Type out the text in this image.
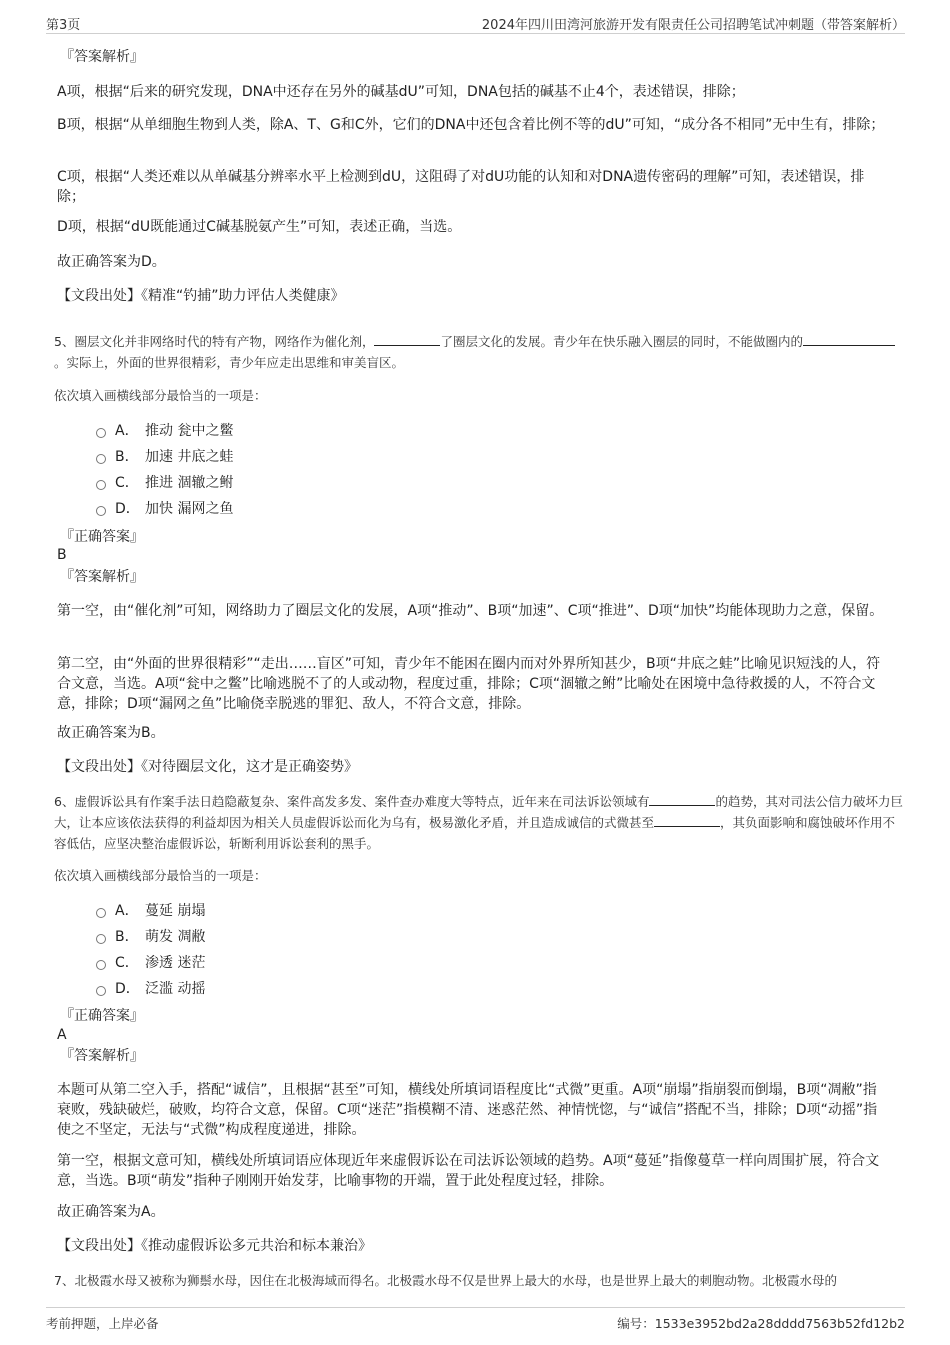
第3页	2024年四川田湾河旅游开发有限责任公司招聘笔试冲刺题（带答案解析）
『答案解析』
A项，根据“后来的研究发现，DNA中还存在另外的碱基dU”可知，DNA包括的碱基不止4个，表述错误，排除；
B项，根据“从单细胞生物到人类，除A、T、G和C外，它们的DNA中还包含着比例不等的dU”可知，“成分各不相同”无中生有，排除；
C项，根据“人类还难以从单碱基分辨率水平上检测到dU，这阻碍了对dU功能的认知和对DNA遗传密码的理解”可知，表述错误，排除；
D项，根据“dU既能通过C碱基脱氨产生”可知，表述正确，当选。
故正确答案为D。
【文段出处】《精准“钓捕”助力评估人类健康》
5、圈层文化并非网络时代的特有产物，网络作为催化剂，	了圈层文化的发展。青少年在快乐融入圈层的同时，不能做圈内的。实际上，外面的世界很精彩，青少年应走出思维和审美盲区。
依次填入画横线部分最恰当的一项是：
A． 推动 瓮中之鳖
B． 加速 井底之蛙
C． 推进 涸辙之鲋
D． 加快 漏网之鱼
『正确答案』
B
『答案解析』
第一空，由“催化剂”可知，网络助力了圈层文化的发展，A项“推动”、B项“加速”、C项“推进”、D项“加快”均能体现助力之意，保留。
第二空，由“外面的世界很精彩”“走出……盲区”可知，青少年不能困在圈内而对外界所知甚少，B项“井底之蛙”比喻见识短浅的人，符合文意，当选。A项“瓮中之鳖”比喻逃脱不了的人或动物，程度过重，排除；C项“涸辙之鲋”比喻处在困境中急待救援的人，不符合文意，排除；D项“漏网之鱼”比喻侥幸脱逃的罪犯、敌人，不符合文意，排除。
故正确答案为B。
【文段出处】《对待圈层文化，这才是正确姿势》
6、虚假诉讼具有作案手法日趋隐蔽复杂、案件高发多发、案件查办难度大等特点，近年来在司法诉讼领域有	的趋势，其对司法公信力破坏力巨大，让本应该依法获得的利益却因为相关人员虚假诉讼而化为乌有，极易激化矛盾，并且造成诚信的式微甚至	，其负面影响和腐蚀破坏作用不容低估，应坚决整治虚假诉讼，斩断利用诉讼套利的黑手。
依次填入画横线部分最恰当的一项是：
A． 蔓延 崩塌
B． 萌发 凋敝
C． 渗透 迷茫
D． 泛滥 动摇
『正确答案』
A
『答案解析』
本题可从第二空入手，搭配“诚信”，且根据“甚至”可知，横线处所填词语程度比“式微”更重。A项“崩塌”指崩裂而倒塌，B项“凋敝”指衰败，残缺破烂，破败，均符合文意，保留。C项“迷茫”指模糊不清、迷惑茫然、神情恍惚，与“诚信”搭配不当，排除；D项“动摇”指使之不坚定，无法与“式微”构成程度递进，排除。
第一空，根据文意可知，横线处所填词语应体现近年来虚假诉讼在司法诉讼领域的趋势。A项“蔓延”指像蔓草一样向周围扩展，符合文意，当选。B项“萌发”指种子刚刚开始发芽，比喻事物的开端，置于此处程度过轻，排除。
故正确答案为A。
【文段出处】《推动虚假诉讼多元共治和标本兼治》
7、北极霞水母又被称为狮鬃水母，因住在北极海域而得名。北极霞水母不仅是世界上最大的水母，也是世界上最大的刺胞动物。北极霞水母的
考前押题，上岸必备	编号：1533e3952bd2a28dddd7563b52fd12b2
